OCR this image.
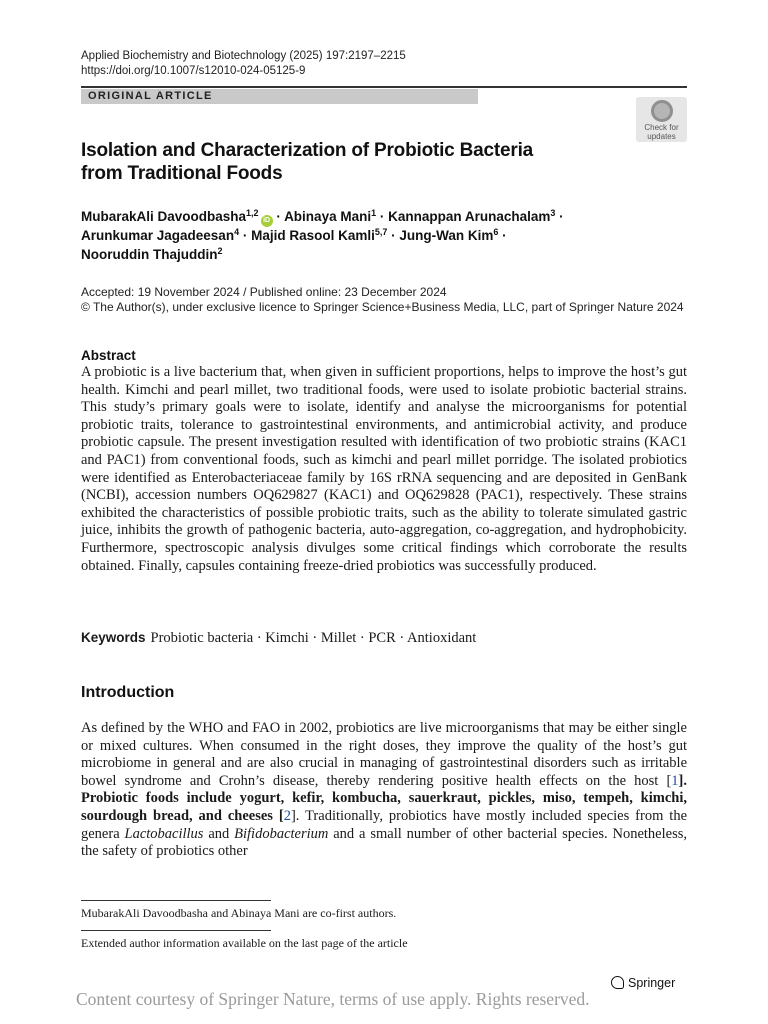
Applied Biochemistry and Biotechnology (2025) 197:2197–2215
https://doi.org/10.1007/s12010-024-05125-9
ORIGINAL ARTICLE
Check for
updates
Isolation and Characterization of Probiotic Bacteria
from Traditional Foods
MubarakAli Davoodbasha$^{1,2}$iD · Abinaya Mani$^1$ · Kannappan Arunachalam$^3$ ·
Arunkumar Jagadeesan$^4$ · Majid Rasool Kamli$^{5,7}$ · Jung-Wan Kim$^6$ ·
Nooruddin Thajuddin$^2$
Accepted: 19 November 2024 / Published online: 23 December 2024
© The Author(s), under exclusive licence to Springer Science+Business Media, LLC, part of Springer Nature 2024
Abstract

A probiotic is a live bacterium that, when given in sufficient proportions, helps to improve the host’s gut health. Kimchi and pearl millet, two traditional foods, were used to isolate probiotic bacterial strains. This study’s primary goals were to isolate, identify and analyse the microorganisms for potential probiotic traits, tolerance to gastrointestinal environments, and antimicrobial activity, and produce probiotic capsule. The present investigation resulted with identification of two probiotic strains (KAC1 and PAC1) from conventional foods, such as kimchi and pearl millet porridge. The isolated probiotics were identified as Enterobacteriaceae family by 16S rRNA sequencing and are deposited in GenBank (NCBI), accession numbers OQ629827 (KAC1) and OQ629828 (PAC1), respectively. These strains exhibited the characteristics of possible probiotic traits, such as the ability to tolerate simulated gastric juice, inhibits the growth of pathogenic bacteria, auto-aggregation, co-aggregation, and hydrophobicity. Furthermore, spectroscopic analysis divulges some critical findings which corroborate the results obtained. Finally, capsules containing freeze-dried probiotics was successfully produced.

Keywords Probiotic bacteria · Kimchi · Millet · PCR · Antioxidant
Introduction

As defined by the WHO and FAO in 2002, probiotics are live microorganisms that may be either single or mixed cultures. When consumed in the right doses, they improve the quality of the host’s gut microbiome in general and are also crucial in managing of gastrointestinal disorders such as irritable bowel syndrome and Crohn’s disease, thereby rendering positive health effects on the host [1]. Probiotic foods include yogurt, kefir, kombucha, sauerkraut, pickles, miso, tempeh, kimchi, sourdough bread, and cheeses [2]. Traditionally, probiotics have mostly included species from the genera Lactobacillus and Bifidobacterium and a small number of other bacterial species. Nonetheless, the safety of probiotics other

MubarakAli Davoodbasha and Abinaya Mani are co-first authors.
Extended author information available on the last page of the article
Springer
Content courtesy of Springer Nature, terms of use apply. Rights reserved.
